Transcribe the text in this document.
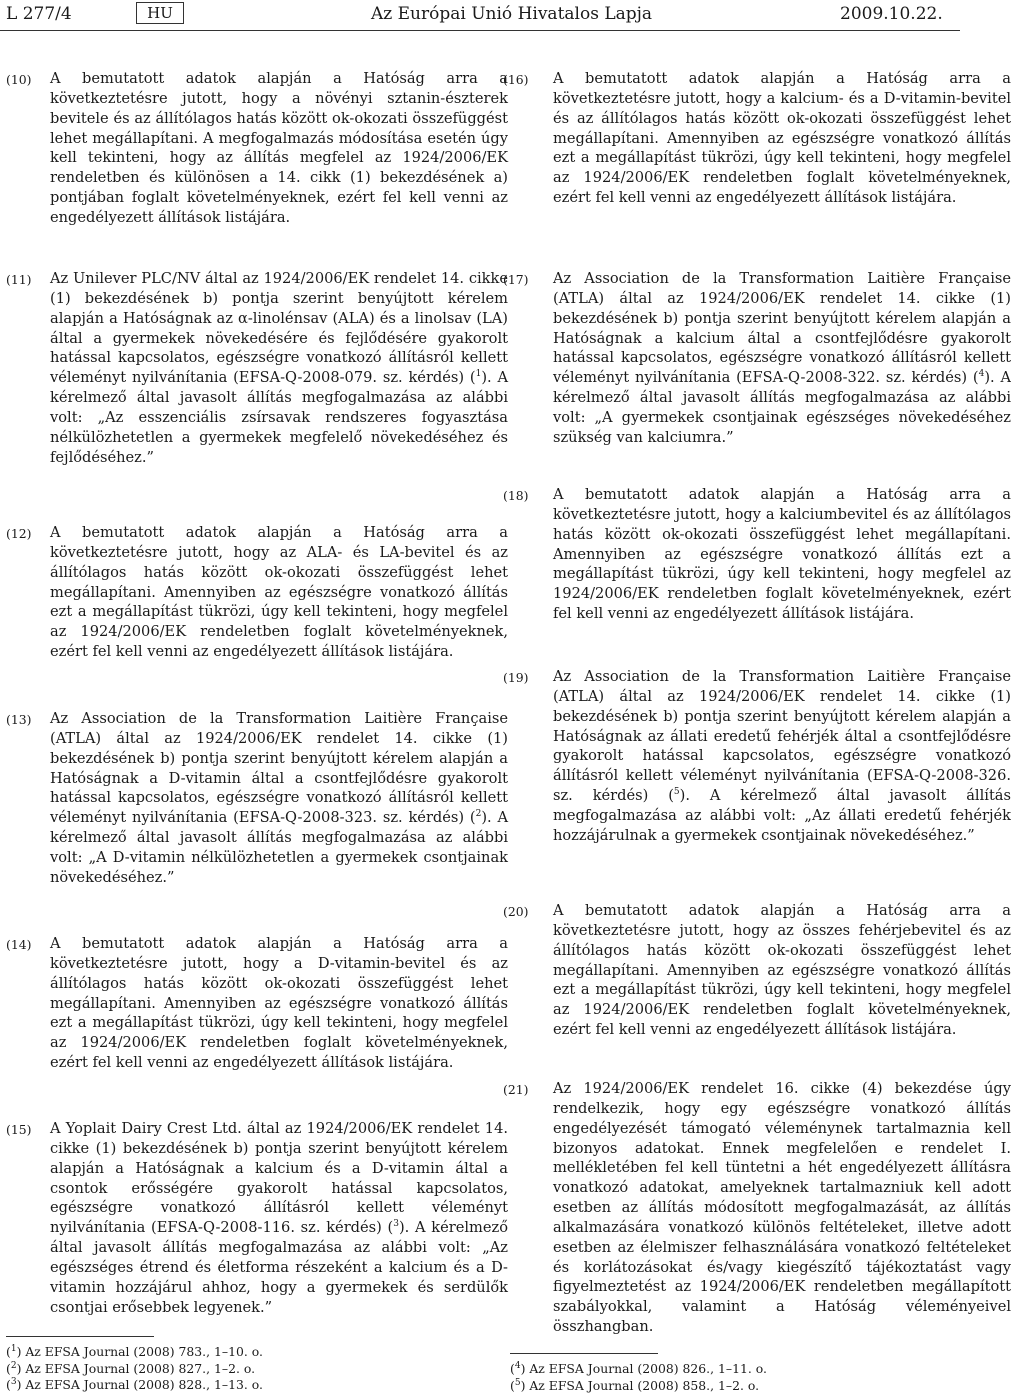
L 277/4	HU	Az Európai Unió Hivatalos Lapja	2009.10.22.

(10) A bemutatott adatok alapján a Hatóság arra a következtetésre jutott, hogy a növényi sztanin-észterek bevitele és az állítólagos hatás között ok-okozati összefüggést lehet megállapítani. A megfogalmazás módosítása esetén úgy kell tekinteni, hogy az állítás megfelel az 1924/2006/EK rendeletben és különösen a 14. cikk (1) bekezdésének a) pontjában foglalt követelményeknek, ezért fel kell venni az engedélyezett állítások listájára.

(11) Az Unilever PLC/NV által az 1924/2006/EK rendelet 14. cikke (1) bekezdésének b) pontja szerint benyújtott kérelem alapján a Hatóságnak az α-linolénsav (ALA) és a linolsav (LA) által a gyermekek növekedésére és fejlődésére gyakorolt hatással kapcsolatos, egészségre vonatkozó állításról kellett véleményt nyilvánítania (EFSA-Q-2008-079. sz. kérdés) ($^1$). A kérelmező által javasolt állítás megfogalmazása az alábbi volt: „Az esszenciális zsírsavak rendszeres fogyasztása nélkülözhetetlen a gyermekek megfelelő növekedéséhez és fejlődéséhez.”

(12) A bemutatott adatok alapján a Hatóság arra a következtetésre jutott, hogy az ALA- és LA-bevitel és az állítólagos hatás között ok-okozati összefüggést lehet megállapítani. Amennyiben az egészségre vonatkozó állítás ezt a megállapítást tükrözi, úgy kell tekinteni, hogy megfelel az 1924/2006/EK rendeletben foglalt követelményeknek, ezért fel kell venni az engedélyezett állítások listájára.

(13) Az Association de la Transformation Laitière Française (ATLA) által az 1924/2006/EK rendelet 14. cikke (1) bekezdésének b) pontja szerint benyújtott kérelem alapján a Hatóságnak a D-vitamin által a csontfejlődésre gyakorolt hatással kapcsolatos, egészségre vonatkozó állításról kellett véleményt nyilvánítania (EFSA-Q-2008-323. sz. kérdés) ($^2$). A kérelmező által javasolt állítás megfogalmazása az alábbi volt: „A D-vitamin nélkülözhetetlen a gyermekek csontjainak növekedéséhez.”

(14) A bemutatott adatok alapján a Hatóság arra a következtetésre jutott, hogy a D-vitamin-bevitel és az állítólagos hatás között ok-okozati összefüggést lehet megállapítani. Amennyiben az egészségre vonatkozó állítás ezt a megállapítást tükrözi, úgy kell tekinteni, hogy megfelel az 1924/2006/EK rendeletben foglalt követelményeknek, ezért fel kell venni az engedélyezett állítások listájára.

(15) A Yoplait Dairy Crest Ltd. által az 1924/2006/EK rendelet 14. cikke (1) bekezdésének b) pontja szerint benyújtott kérelem alapján a Hatóságnak a kalcium és a D-vitamin által a csontok erősségére gyakorolt hatással kapcsolatos, egészségre vonatkozó állításról kellett véleményt nyilvánítania (EFSA-Q-2008-116. sz. kérdés) ($^3$). A kérelmező által javasolt állítás megfogalmazása az alábbi volt: „Az egészséges étrend és életforma részeként a kalcium és a D-vitamin hozzájárul ahhoz, hogy a gyermekek és serdülők csontjai erősebbek legyenek.”

(16) A bemutatott adatok alapján a Hatóság arra a következtetésre jutott, hogy a kalcium- és a D-vitamin-bevitel és az állítólagos hatás között ok-okozati összefüggést lehet megállapítani. Amennyiben az egészségre vonatkozó állítás ezt a megállapítást tükrözi, úgy kell tekinteni, hogy megfelel az 1924/2006/EK rendeletben foglalt követelményeknek, ezért fel kell venni az engedélyezett állítások listájára.

(17) Az Association de la Transformation Laitière Française (ATLA) által az 1924/2006/EK rendelet 14. cikke (1) bekezdésének b) pontja szerint benyújtott kérelem alapján a Hatóságnak a kalcium által a csontfejlődésre gyakorolt hatással kapcsolatos, egészségre vonatkozó állításról kellett véleményt nyilvánítania (EFSA-Q-2008-322. sz. kérdés) ($^4$). A kérelmező által javasolt állítás megfogalmazása az alábbi volt: „A gyermekek csontjainak egészséges növekedéséhez szükség van kalciumra.”

(18) A bemutatott adatok alapján a Hatóság arra a következtetésre jutott, hogy a kalciumbevitel és az állítólagos hatás között ok-okozati összefüggést lehet megállapítani. Amennyiben az egészségre vonatkozó állítás ezt a megállapítást tükrözi, úgy kell tekinteni, hogy megfelel az 1924/2006/EK rendeletben foglalt követelményeknek, ezért fel kell venni az engedélyezett állítások listájára.

(19) Az Association de la Transformation Laitière Française (ATLA) által az 1924/2006/EK rendelet 14. cikke (1) bekezdésének b) pontja szerint benyújtott kérelem alapján a Hatóságnak az állati eredetű fehérjék által a csontfejlődésre gyakorolt hatással kapcsolatos, egészségre vonatkozó állításról kellett véleményt nyilvánítania (EFSA-Q-2008-326. sz. kérdés) ($^5$). A kérelmező által javasolt állítás megfogalmazása az alábbi volt: „Az állati eredetű fehérjék hozzájárulnak a gyermekek csontjainak növekedéséhez.”

(20) A bemutatott adatok alapján a Hatóság arra a következtetésre jutott, hogy az összes fehérjebevitel és az állítólagos hatás között ok-okozati összefüggést lehet megállapítani. Amennyiben az egészségre vonatkozó állítás ezt a megállapítást tükrözi, úgy kell tekinteni, hogy megfelel az 1924/2006/EK rendeletben foglalt követelményeknek, ezért fel kell venni az engedélyezett állítások listájára.

(21) Az 1924/2006/EK rendelet 16. cikke (4) bekezdése úgy rendelkezik, hogy egy egészségre vonatkozó állítás engedélyezését támogató véleménynek tartalmaznia kell bizonyos adatokat. Ennek megfelelően e rendelet I. mellékletében fel kell tüntetni a hét engedélyezett állításra vonatkozó adatokat, amelyeknek tartalmazniuk kell adott esetben az állítás módosított megfogalmazását, az állítás alkalmazására vonatkozó különös feltételeket, illetve adott esetben az élelmiszer felhasználására vonatkozó feltételeket és korlátozásokat és/vagy kiegészítő tájékoztatást vagy figyelmeztetést az 1924/2006/EK rendeletben megállapított szabályokkal, valamint a Hatóság véleményeivel összhangban.

($^1$) Az EFSA Journal (2008) 783., 1–10. o.
($^2$) Az EFSA Journal (2008) 827., 1–2. o.
($^3$) Az EFSA Journal (2008) 828., 1–13. o.
($^4$) Az EFSA Journal (2008) 826., 1–11. o.
($^5$) Az EFSA Journal (2008) 858., 1–2. o.
